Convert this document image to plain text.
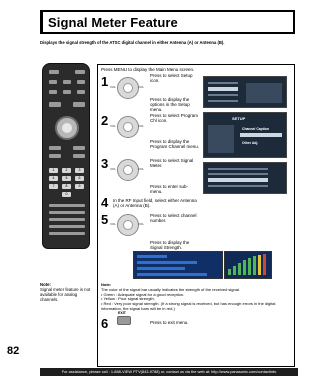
Signal Meter Feature
Displays the signal strength of the ATSC digital channel in either Antenna (A) or Antenna (B).
1	2	3
4	5	6
7	8	9
0
Press MENU to display the Main Menu screen.
1 VOL	VOL
Press to select Setup icon.
Press to display the options in the Setup menu.
2 VOL	VOL
Press to select Program Chl icon.
Press to display the Program Channel menu.
SETUP
Channel Caption
Other Adj.
3 VOL	VOL
Press to select Signal Meter.
Press to enter sub-menu.
4 In the RF Input field, select either Antenna (A) or Antenna (B).
5 VOL	VOL
Press to select channel number.
Press to display the Signal Strength.
Note:
Signal meter feature is not available for analog channels.
Note:
The color of the signal bar usually indicates the strength of the received signal.
• Green : Adequate signal for a good reception.
• Yellow : Poor signal strength.
• Red : Very poor signal strength. (If a strong signal is received, but has enough errors in the digital information, the signal bars will be in red.)
6
EXIT
Press to exit menu.
82
For assistance, please call : 1-888-VIEW PTV(843-9788) or, contact us via the web at: http://www.panasonic.com/contactinfo
